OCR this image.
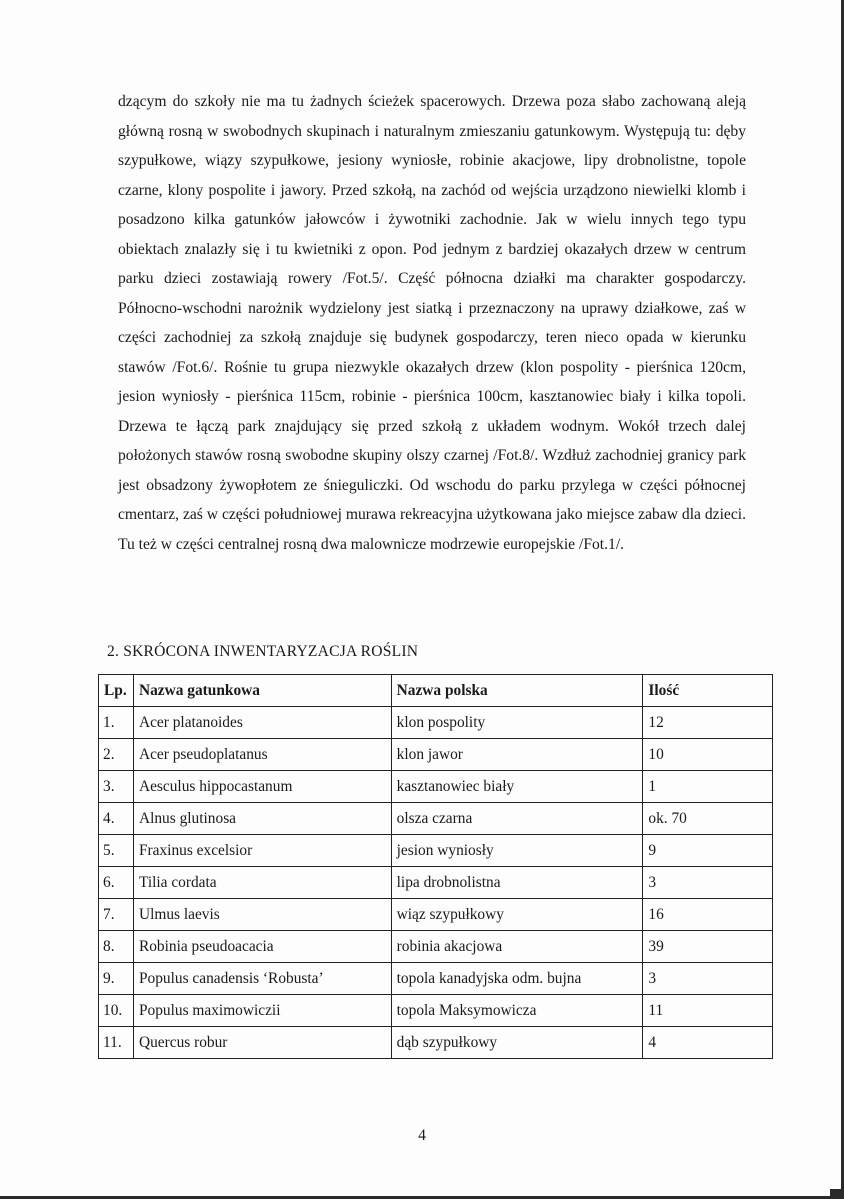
dzącym do szkoły nie ma tu żadnych ścieżek spacerowych. Drzewa poza słabo zachowaną aleją główną rosną w swobodnych skupinach i naturalnym zmieszaniu gatunkowym. Występują tu: dęby szypułkowe, wiązy szypułkowe, jesiony wyniosłe, robinie akacjowe, lipy drobnolistne, topole czarne, klony pospolite i jawory. Przed szkołą, na zachód od wejścia urządzono niewielki klomb i posadzono kilka gatunków jałowców i żywotniki zachodnie. Jak w wielu innych tego typu obiektach znalazły się i tu kwietniki z opon. Pod jednym z bardziej okazałych drzew w centrum parku dzieci zostawiają rowery /Fot.5/. Część północna działki ma charakter gospodarczy. Północno-wschodni narożnik wydzielony jest siatką i przeznaczony na uprawy działkowe, zaś w części zachodniej za szkołą znajduje się budynek gospodarczy, teren nieco opada w kierunku stawów /Fot.6/. Rośnie tu grupa niezwykle okazałych drzew (klon pospolity - pierśnica 120cm, jesion wyniosły - pierśnica 115cm, robinie - pierśnica 100cm, kasztanowiec biały i kilka topoli. Drzewa te łączą park znajdujący się przed szkołą z układem wodnym. Wokół trzech dalej położonych stawów rosną swobodne skupiny olszy czarnej /Fot.8/. Wzdłuż zachodniej granicy park jest obsadzony żywopłotem ze śnieguliczki. Od wschodu do parku przylega w części północnej cmentarz, zaś w części południowej murawa rekreacyjna użytkowana jako miejsce zabaw dla dzieci. Tu też w części centralnej rosną dwa malownicze modrzewie europejskie /Fot.1/.

2. SKRÓCONA INWENTARYZACJA ROŚLIN
Lp.	Nazwa gatunkowa	Nazwa polska	Ilość
1.	Acer platanoides	klon pospolity	12
2.	Acer pseudoplatanus	klon jawor	10
3.	Aesculus hippocastanum	kasztanowiec biały	1
4.	Alnus glutinosa	olsza czarna	ok. 70
5.	Fraxinus excelsior	jesion wyniosły	9
6.	Tilia cordata	lipa drobnolistna	3
7.	Ulmus laevis	wiąz szypułkowy	16
8.	Robinia pseudoacacia	robinia akacjowa	39
9.	Populus canadensis ‘Robusta’	topola kanadyjska odm. bujna	3
10.	Populus maximowiczii	topola Maksymowicza	11
11.	Quercus robur	dąb szypułkowy	4

4
